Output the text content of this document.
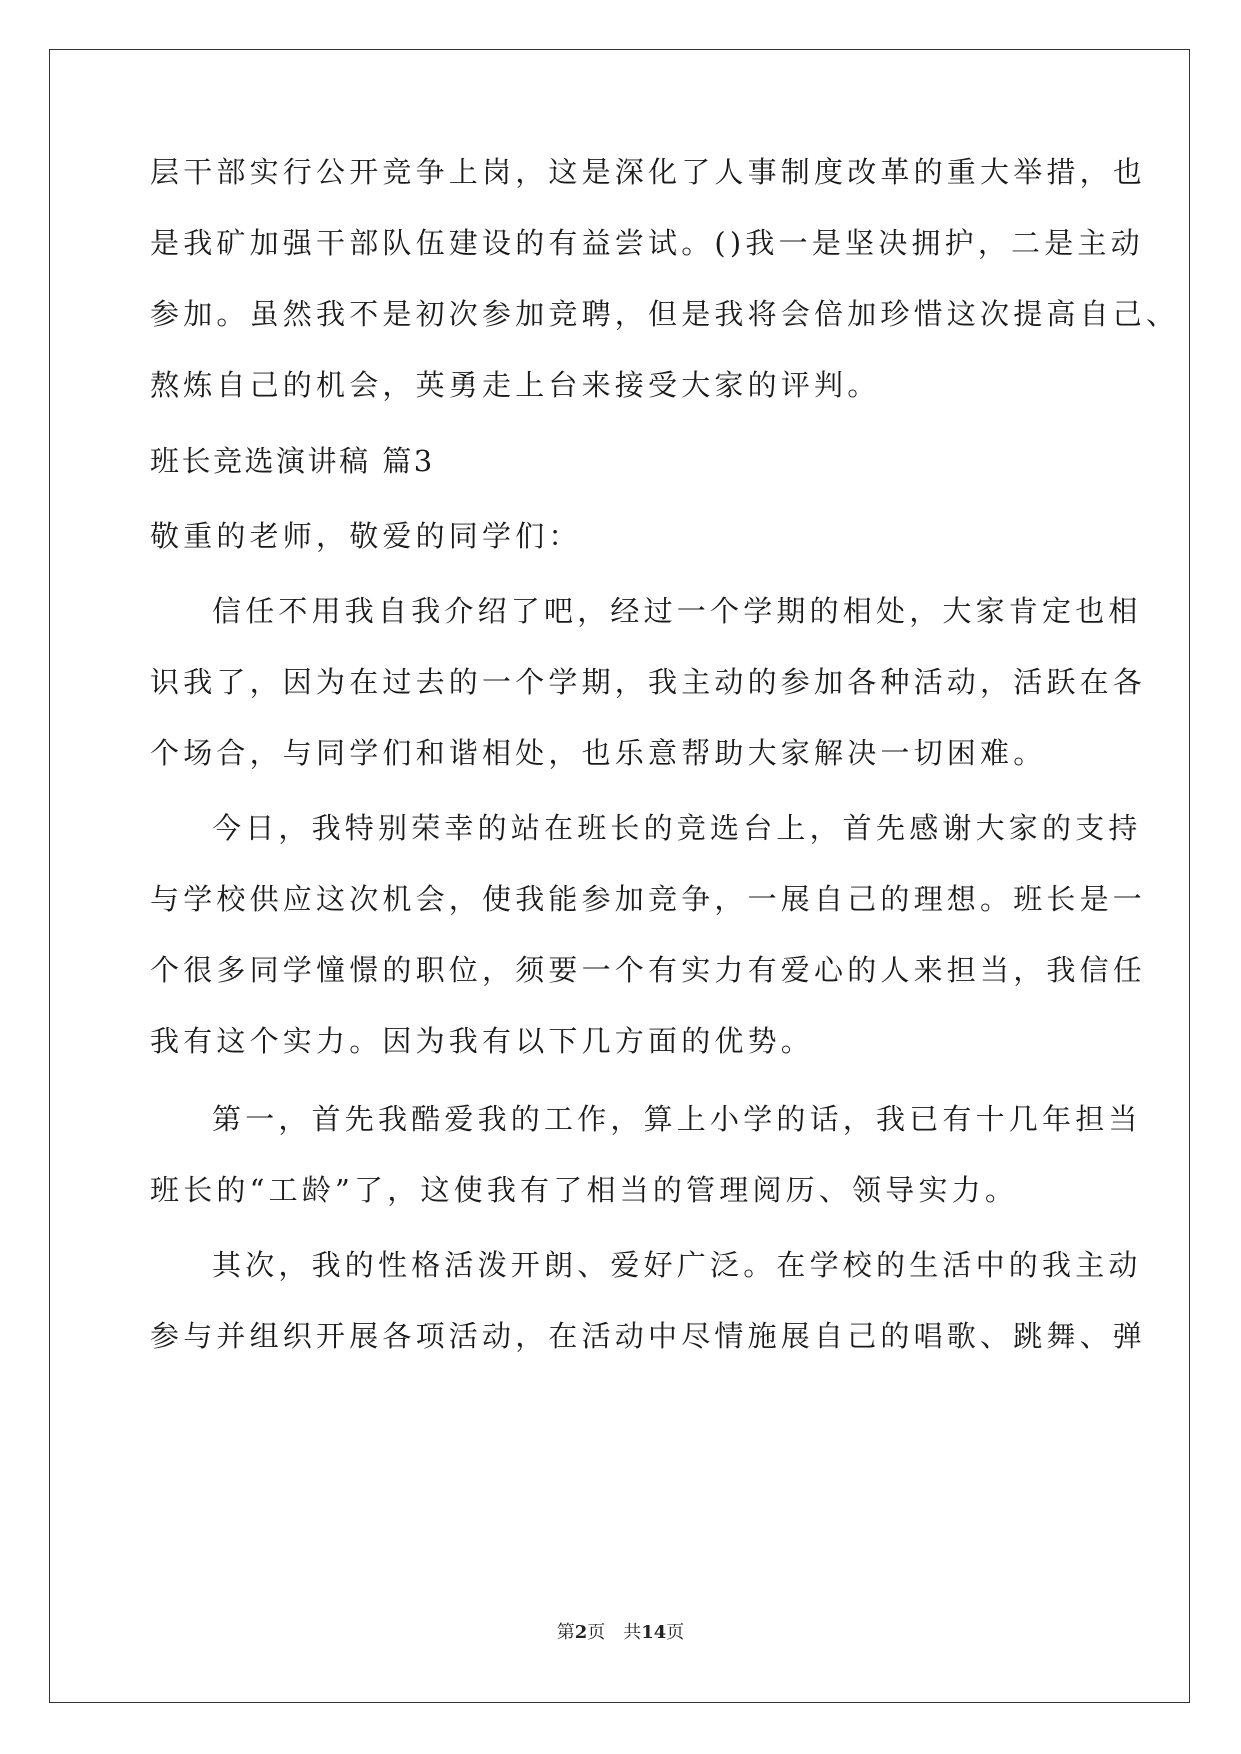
层干部实行公开竞争上岗，这是深化了人事制度改革的重大举措，也
是我矿加强干部队伍建设的有益尝试。()我一是坚决拥护，二是主动
参加。虽然我不是初次参加竞聘，但是我将会倍加珍惜这次提高自己、
熬炼自己的机会，英勇走上台来接受大家的评判。
班长竞选演讲稿 篇3
敬重的老师，敬爱的同学们：
信任不用我自我介绍了吧，经过一个学期的相处，大家肯定也相
识我了，因为在过去的一个学期，我主动的参加各种活动，活跃在各
个场合，与同学们和谐相处，也乐意帮助大家解决一切困难。
今日，我特别荣幸的站在班长的竞选台上，首先感谢大家的支持
与学校供应这次机会，使我能参加竞争，一展自己的理想。班长是一
个很多同学憧憬的职位，须要一个有实力有爱心的人来担当，我信任
我有这个实力。因为我有以下几方面的优势。
第一，首先我酷爱我的工作，算上小学的话，我已有十几年担当
班长的“工龄”了，这使我有了相当的管理阅历、领导实力。
其次，我的性格活泼开朗、爱好广泛。在学校的生活中的我主动
参与并组织开展各项活动，在活动中尽情施展自己的唱歌、跳舞、弹
第2页　共14页
